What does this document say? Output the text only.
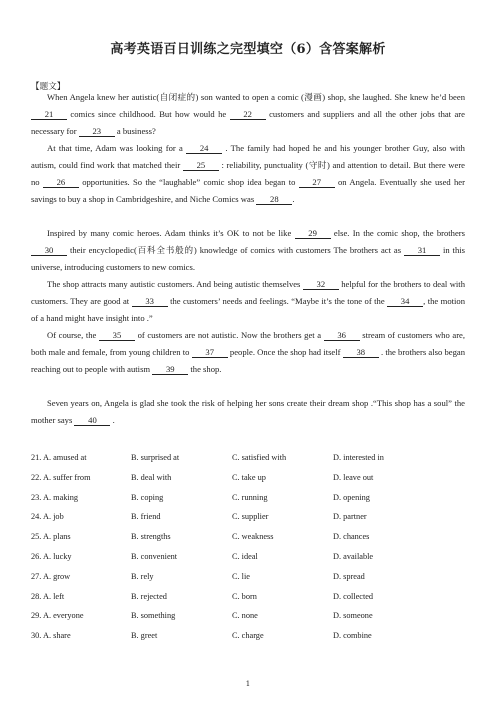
高考英语百日训练之完型填空（6）含答案解析
【题文】

When Angela knew her autistic(自闭症的) son wanted to open a comic (漫画) shop, she laughed. She knew he’d been 21 comics since childhood. But how would he 22 customers and suppliers and all the other jobs that are necessary for 23 a business?

At that time, Adam was looking for a 24 . The family had hoped he and his younger brother Guy, also with autism, could find work that matched their 25 : reliability, punctuality (守时) and attention to detail. But there were no 26 opportunities. So the “laughable” comic shop idea began to 27 on Angela. Eventually she used her savings to buy a shop in Cambridgeshire, and Niche Comics was 28 .

Inspired by many comic heroes. Adam thinks it’s OK to not be like 29 else. In the comic shop, the brothers 30 their encyclopedic(百科全书般的) knowledge of comics with customers The brothers act as 31 in this universe, introducing customers to new comics.

The shop attracts many autistic customers. And being autistic themselves 32 helpful for the brothers to deal with customers. They are good at 33 the customers’ needs and feelings. “Maybe it’s the tone of the 34 , the motion of a hand might have insight into .”

Of course, the 35 of customers are not autistic. Now the brothers get a 36 stream of customers who are, both male and female, from young children to 37 people. Once the shop had itself 38 . the brothers also began reaching out to people with autism 39 the shop.

Seven years on, Angela is glad she took the risk of helping her sons create their dream shop .“This shop has a soul” the mother says 40 .

21. A. amused at	B. surprised at	C. satisfied with	D. interested in
22. A. suffer from	B. deal with	C. take up	D. leave out
23. A. making	B. coping	C. running	D. opening
24. A. job	B. friend	C. supplier	D. partner
25. A. plans	B. strengths	C. weakness	D. chances
26. A. lucky	B. convenient	C. ideal	D. available
27. A. grow	B. rely	C. lie	D. spread
28. A. left	B. rejected	C. born	D. collected
29. A. everyone	B. something	C. none	D. someone
30. A. share	B. greet	C. charge	D. combine
1
